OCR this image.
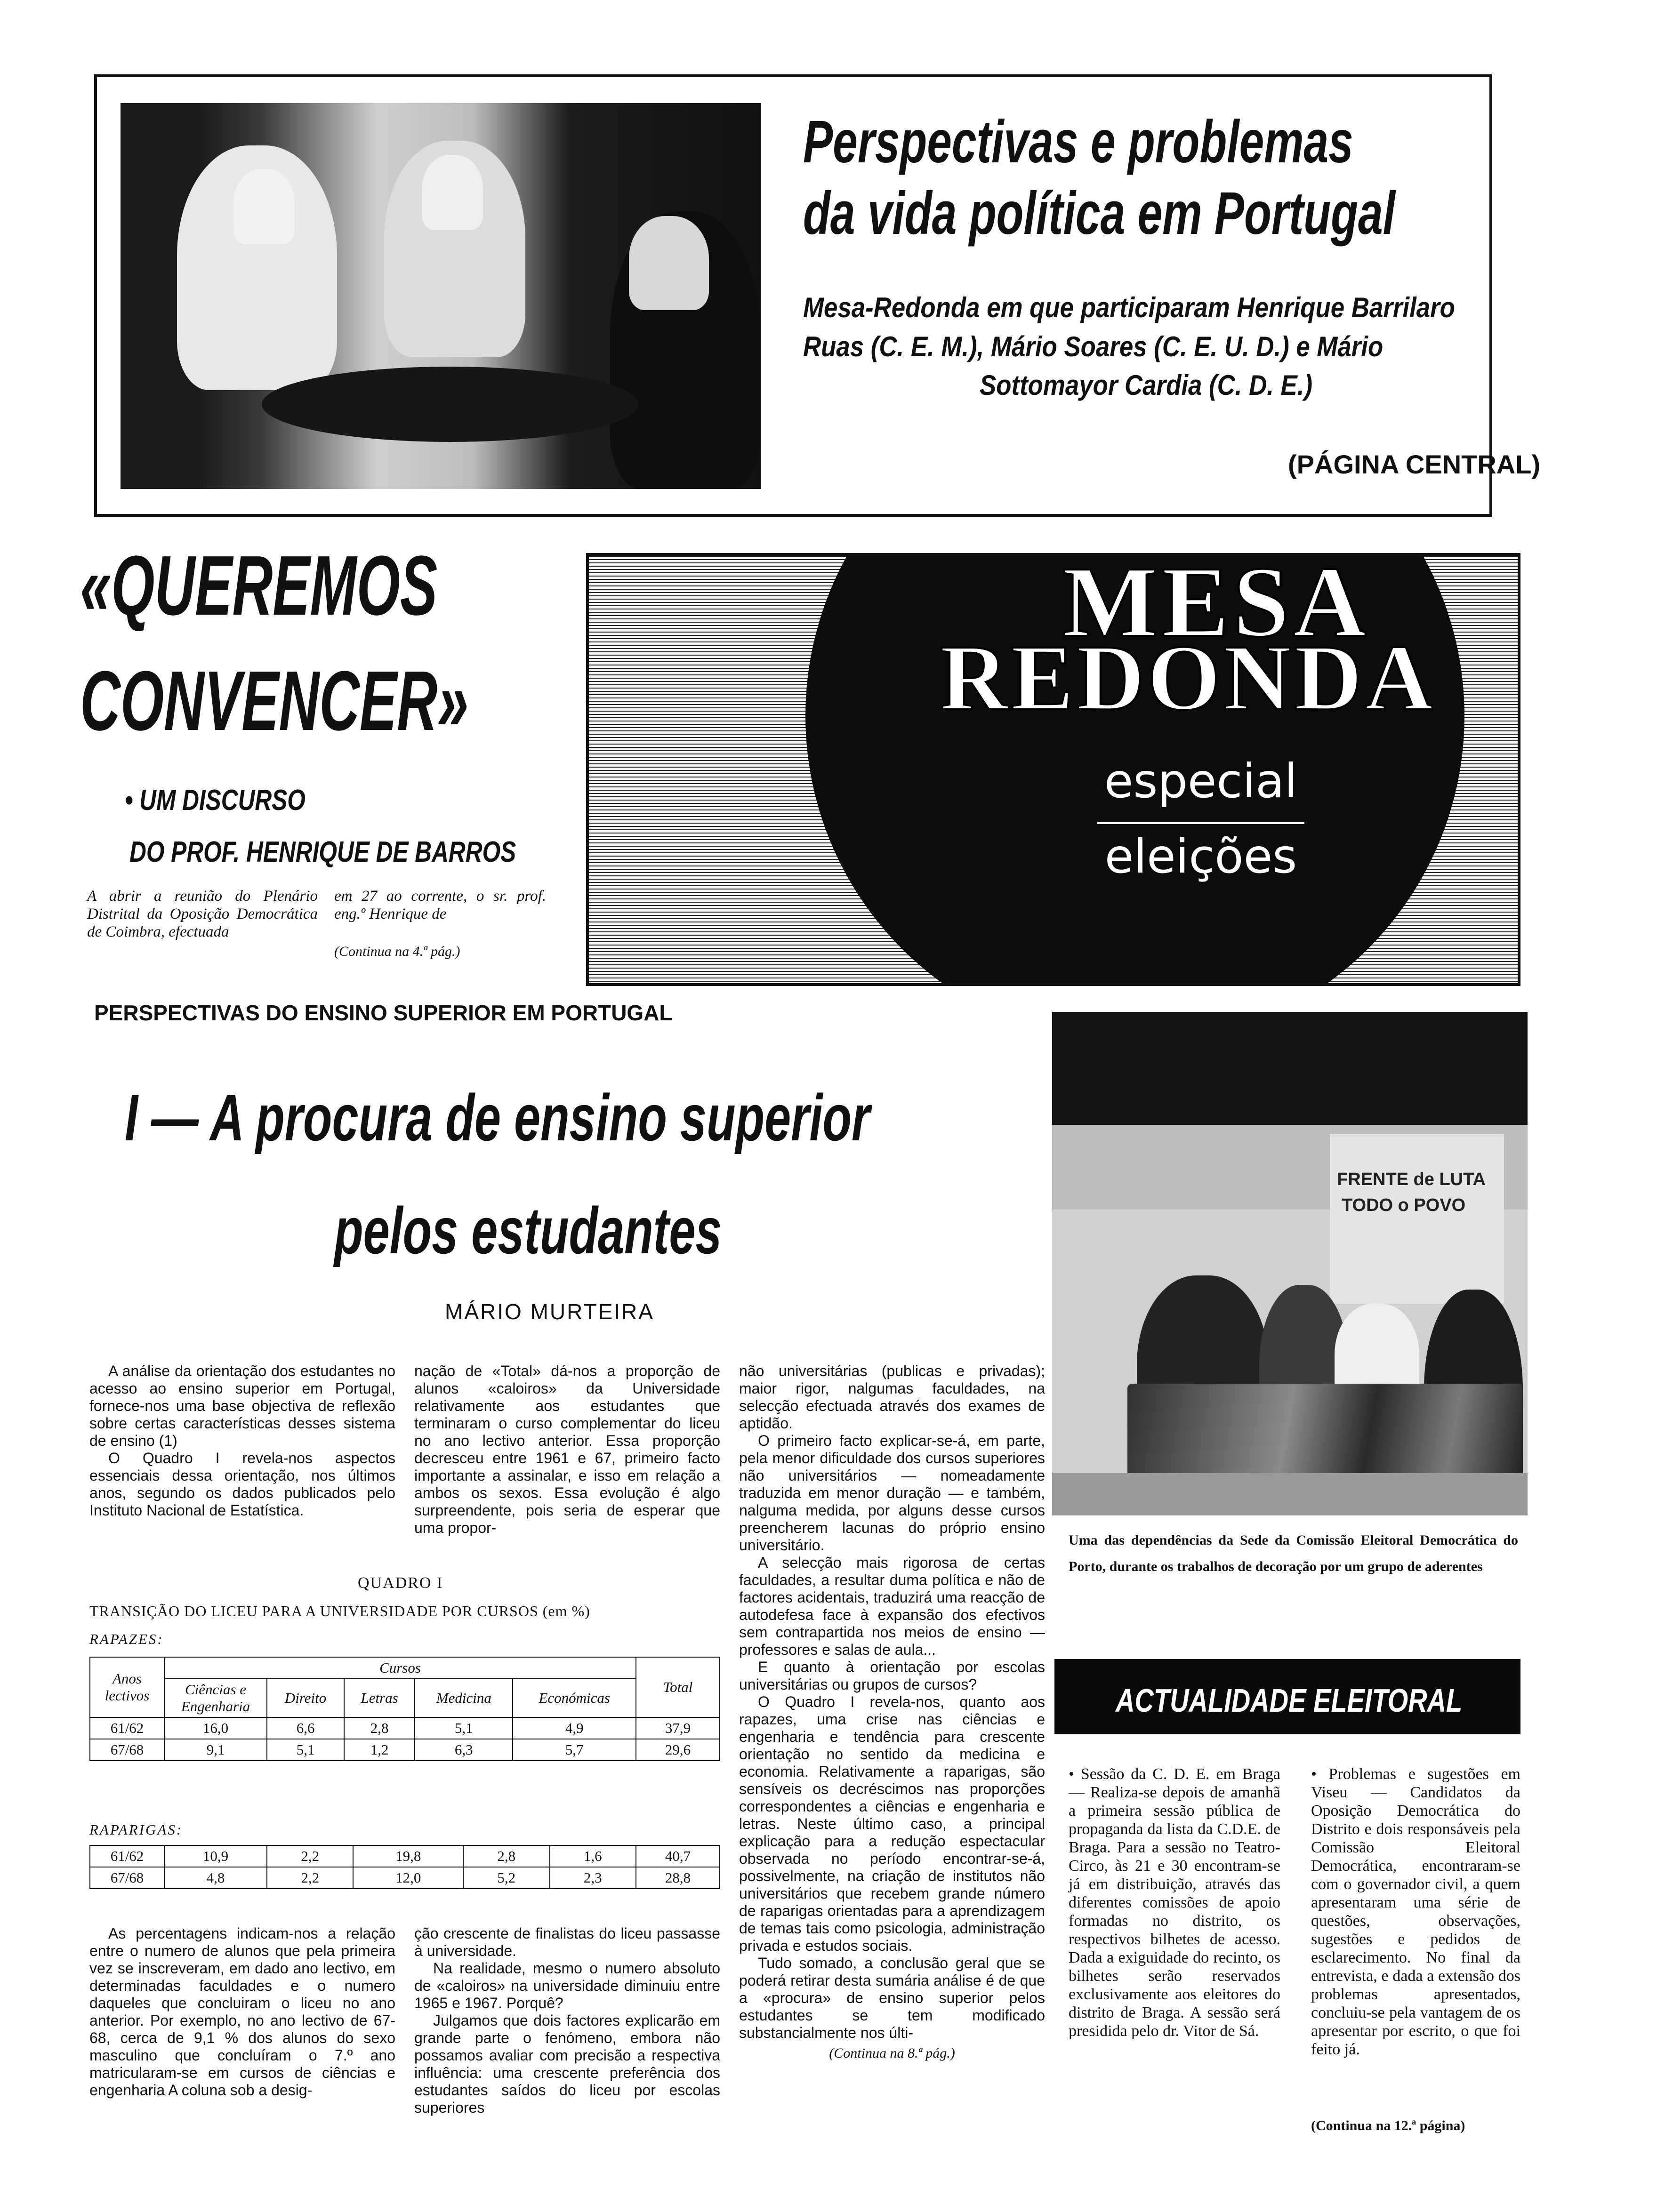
Perspectivas e problemas
da vida política em Portugal
Mesa-Redonda em que participaram Henrique Barrilaro
Ruas (C. E. M.), Mário Soares (C. E. U. D.) e Mário
Sottomayor Cardia (C. D. E.)
(PÁGINA CENTRAL)
«QUEREMOS
CONVENCER»
• UM DISCURSO
DO PROF. HENRIQUE DE BARROS
A abrir a reunião do Plenário Distrital da Oposição Democrática de Coimbra, efectuada
em 27 ao corrente, o sr. prof. eng.º Henrique de
(Continua na 4.ª pág.)
MESA
REDONDA
especial
eleições
PERSPECTIVAS DO ENSINO SUPERIOR EM PORTUGAL
I — A procura de ensino superior
pelos estudantes
MÁRIO MURTEIRA

A análise da orientação dos estudantes no acesso ao ensino superior em Portugal, fornece-nos uma base objectiva de reflexão sobre certas características desses sistema de ensino (1)

O Quadro I revela-nos aspectos essenciais dessa orientação, nos últimos anos, segundo os dados publicados pelo Instituto Nacional de Estatística.

nação de «Total» dá-nos a proporção de alunos «caloiros» da Universidade relativamente aos estudantes que terminaram o curso complementar do liceu no ano lectivo anterior. Essa proporção decresceu entre 1961 e 67, primeiro facto importante a assinalar, e isso em relação a ambos os sexos. Essa evolução é algo surpreendente, pois seria de esperar que uma propor-

não universitárias (publicas e privadas); maior rigor, nalgumas faculdades, na selecção efectuada através dos exames de aptidão.

O primeiro facto explicar-se-á, em parte, pela menor dificuldade dos cursos superiores não universitários — nomeadamente traduzida em menor duração — e também, nalguma medida, por alguns desse cursos preencherem lacunas do próprio ensino universitário.

A selecção mais rigorosa de certas faculdades, a resultar duma política e não de factores acidentais, traduzirá uma reacção de autodefesa face à expansão dos efectivos sem contrapartida nos meios de ensino — professores e salas de aula...

E quanto à orientação por escolas universitárias ou grupos de cursos?

O Quadro I revela-nos, quanto aos rapazes, uma crise nas ciências e engenharia e tendência para crescente orientação no sentido da medicina e economia. Relativamente a raparigas, são sensíveis os decréscimos nas proporções correspondentes a ciências e engenharia e letras. Neste último caso, a principal explicação para a redução espectacular observada no período encontrar-se-á, possivelmente, na criação de institutos não universitários que recebem grande número de raparigas orientadas para a aprendizagem de temas tais como psicologia, administração privada e estudos sociais.

Tudo somado, a conclusão geral que se poderá retirar desta sumária análise é de que a «procura» de ensino superior pelos estudantes se tem modificado substancialmente nos últi-

(Continua na 8.ª pág.)
QUADRO I
TRANSIÇÃO DO LICEU PARA A UNIVERSIDADE POR CURSOS (em %)
RAPAZES:
Anos lectivos	Cursos					Total
	Ciências e Engenharia	Direito	Letras	Medicina	Económicas	
61/62	16,0	6,6	2,8	5,1	4,9	37,9
67/68	9,1	5,1	1,2	6,3	5,7	29,6
RAPARIGAS:
61/62	10,9	2,2	19,8	2,8	1,6	40,7
67/68	4,8	2,2	12,0	5,2	2,3	28,8

As percentagens indicam-nos a relação entre o numero de alunos que pela primeira vez se inscreveram, em dado ano lectivo, em determinadas faculdades e o numero daqueles que concluiram o liceu no ano anterior. Por exemplo, no ano lectivo de 67-68, cerca de 9,1 % dos alunos do sexo masculino que concluíram o 7.º ano matricularam-se em cursos de ciências e engenharia A coluna sob a desig-

ção crescente de finalistas do liceu passasse à universidade.

Na realidade, mesmo o numero absoluto de «caloiros» na universidade diminuiu entre 1965 e 1967. Porquê?

Julgamos que dois factores explicarão em grande parte o fenómeno, embora não possamos avaliar com precisão a respectiva influência: uma crescente preferência dos estudantes saídos do liceu por escolas superiores

FRENTE de LUTA
TODO o POVO
Uma das dependências da Sede da Comissão Eleitoral Democrática do Porto, durante os trabalhos de decoração por um grupo de aderentes
ACTUALIDADE ELEITORAL
• Sessão da C. D. E. em Braga — Realiza-se depois de amanhã a primeira sessão pública de propaganda da lista da C.D.E. de Braga. Para a sessão no Teatro-Circo, às 21 e 30 encontram-se já em distribuição, através das diferentes comissões de apoio formadas no distrito, os respectivos bilhetes de acesso. Dada a exiguidade do recinto, os bilhetes serão reservados exclusivamente aos eleitores do distrito de Braga. A sessão será presidida pelo dr. Vitor de Sá.
• Problemas e sugestões em Viseu — Candidatos da Oposição Democrática do Distrito e dois responsáveis pela Comissão Eleitoral Democrática, encontraram-se com o governador civil, a quem apresentaram uma série de questões, observações, sugestões e pedidos de esclarecimento. No final da entrevista, e dada a extensão dos problemas apresentados, concluiu-se pela vantagem de os apresentar por escrito, o que foi feito já.
(Continua na 12.ª página)
